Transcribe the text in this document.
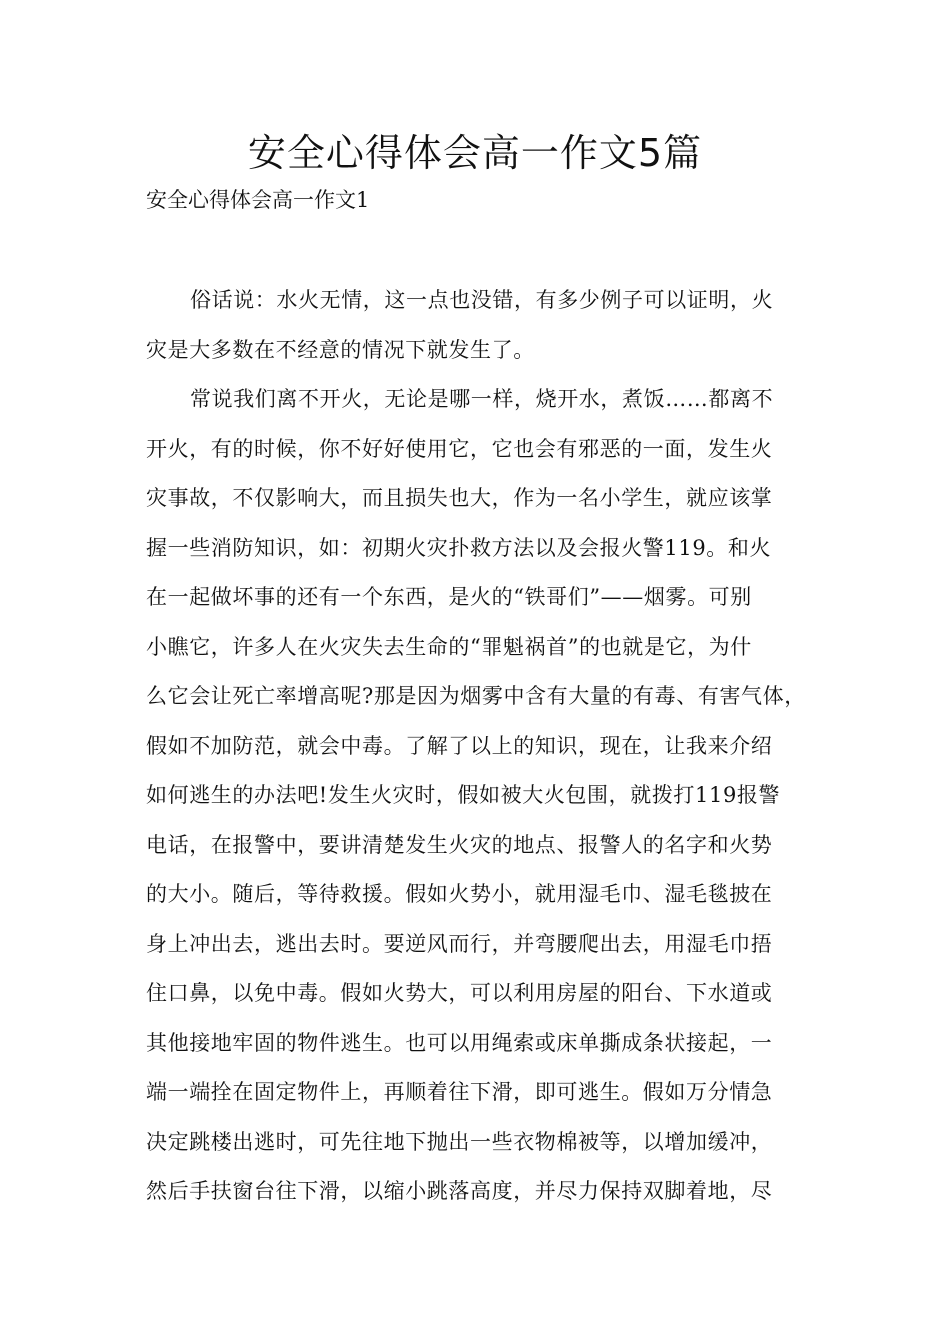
安全心得体会高一作文5篇
安全心得体会高一作文1
俗话说：水火无情，这一点也没错，有多少例子可以证明，火
灾是大多数在不经意的情况下就发生了。
常说我们离不开火，无论是哪一样，烧开水，煮饭……都离不
开火，有的时候，你不好好使用它，它也会有邪恶的一面，发生火
灾事故，不仅影响大，而且损失也大，作为一名小学生，就应该掌
握一些消防知识，如：初期火灾扑救方法以及会报火警119。和火
在一起做坏事的还有一个东西，是火的“铁哥们”——烟雾。可别
小瞧它，许多人在火灾失去生命的“罪魁祸首”的也就是它，为什
么它会让死亡率增高呢?那是因为烟雾中含有大量的有毒、有害气体，
假如不加防范，就会中毒。了解了以上的知识，现在，让我来介绍
如何逃生的办法吧!发生火灾时，假如被大火包围，就拨打119报警
电话，在报警中，要讲清楚发生火灾的地点、报警人的名字和火势
的大小。随后，等待救援。假如火势小，就用湿毛巾、湿毛毯披在
身上冲出去，逃出去时。要逆风而行，并弯腰爬出去，用湿毛巾捂
住口鼻，以免中毒。假如火势大，可以利用房屋的阳台、下水道或
其他接地牢固的物件逃生。也可以用绳索或床单撕成条状接起，一
端一端拴在固定物件上，再顺着往下滑，即可逃生。假如万分情急
决定跳楼出逃时，可先往地下抛出一些衣物棉被等，以增加缓冲，
然后手扶窗台往下滑，以缩小跳落高度，并尽力保持双脚着地，尽
